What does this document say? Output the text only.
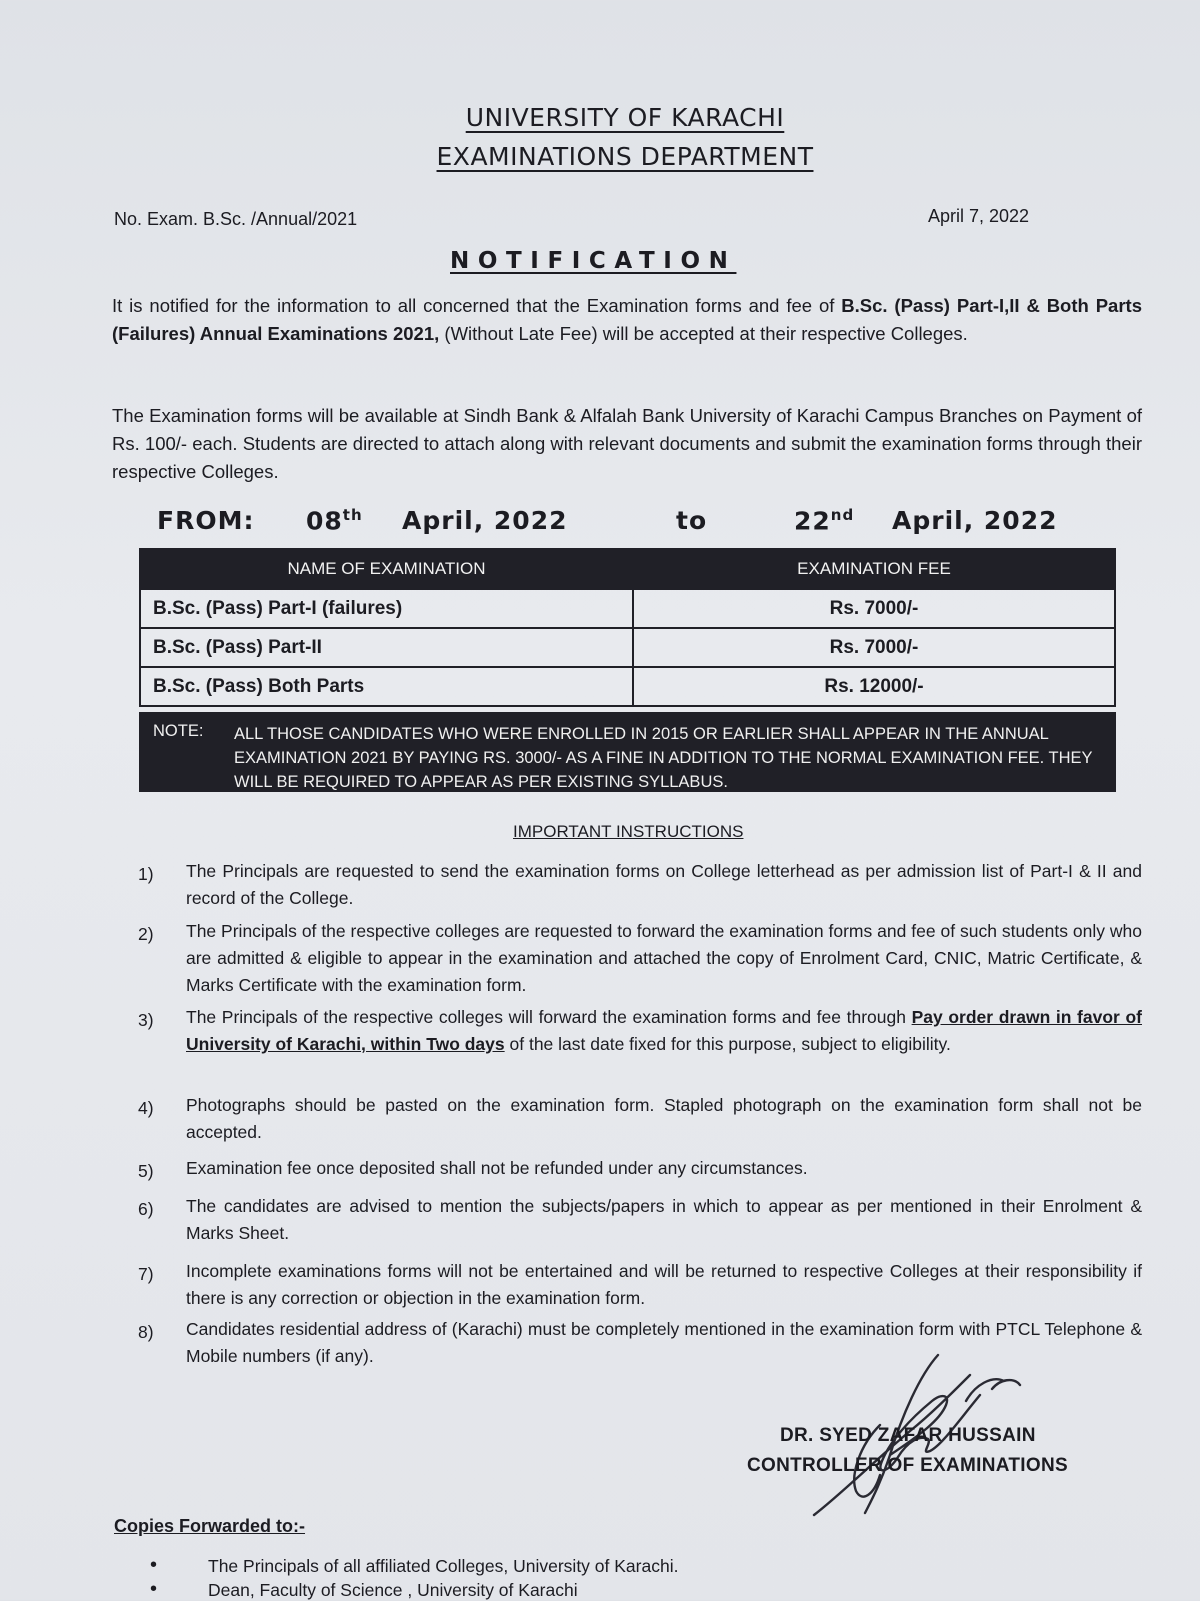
UNIVERSITY OF KARACHI
EXAMINATIONS DEPARTMENT
No. Exam. B.Sc. /Annual/2021	April 7, 2022
NOTIFICATION
It is notified for the information to all concerned that the Examination forms and fee of B.Sc. (Pass) Part-I,II & Both Parts (Failures) Annual Examinations 2021, (Without Late Fee) will be accepted at their respective Colleges.
The Examination forms will be available at Sindh Bank & Alfalah Bank University of Karachi Campus Branches on Payment of Rs. 100/- each. Students are directed to attach along with relevant documents and submit the examination forms through their respective Colleges.
FROM: 08th April, 2022	to	22nd April, 2022
NAME OF EXAMINATION	EXAMINATION FEE
B.Sc. (Pass) Part-I (failures)	Rs. 7000/-
B.Sc. (Pass) Part-II	Rs. 7000/-
B.Sc. (Pass) Both Parts	Rs. 12000/-
NOTE: ALL THOSE CANDIDATES WHO WERE ENROLLED IN 2015 OR EARLIER SHALL APPEAR IN THE ANNUAL EXAMINATION 2021 BY PAYING RS. 3000/- AS A FINE IN ADDITION TO THE NORMAL EXAMINATION FEE. THEY WILL BE REQUIRED TO APPEAR AS PER EXISTING SYLLABUS.
IMPORTANT INSTRUCTIONS
1) The Principals are requested to send the examination forms on College letterhead as per admission list of Part-I & II and record of the College.
2) The Principals of the respective colleges are requested to forward the examination forms and fee of such students only who are admitted & eligible to appear in the examination and attached the copy of Enrolment Card, CNIC, Matric Certificate, & Marks Certificate with the examination form.
3) The Principals of the respective colleges will forward the examination forms and fee through Pay order drawn in favor of University of Karachi, within Two days of the last date fixed for this purpose, subject to eligibility.
4) Photographs should be pasted on the examination form. Stapled photograph on the examination form shall not be accepted.
5) Examination fee once deposited shall not be refunded under any circumstances.
6) The candidates are advised to mention the subjects/papers in which to appear as per mentioned in their Enrolment & Marks Sheet.
7) Incomplete examinations forms will not be entertained and will be returned to respective Colleges at their responsibility if there is any correction or objection in the examination form.
8) Candidates residential address of (Karachi) must be completely mentioned in the examination form with PTCL Telephone & Mobile numbers (if any).
DR. SYED ZAFAR HUSSAIN
CONTROLLER OF EXAMINATIONS
Copies Forwarded to:-
•	The Principals of all affiliated Colleges, University of Karachi.
•	Dean, Faculty of Science , University of Karachi
